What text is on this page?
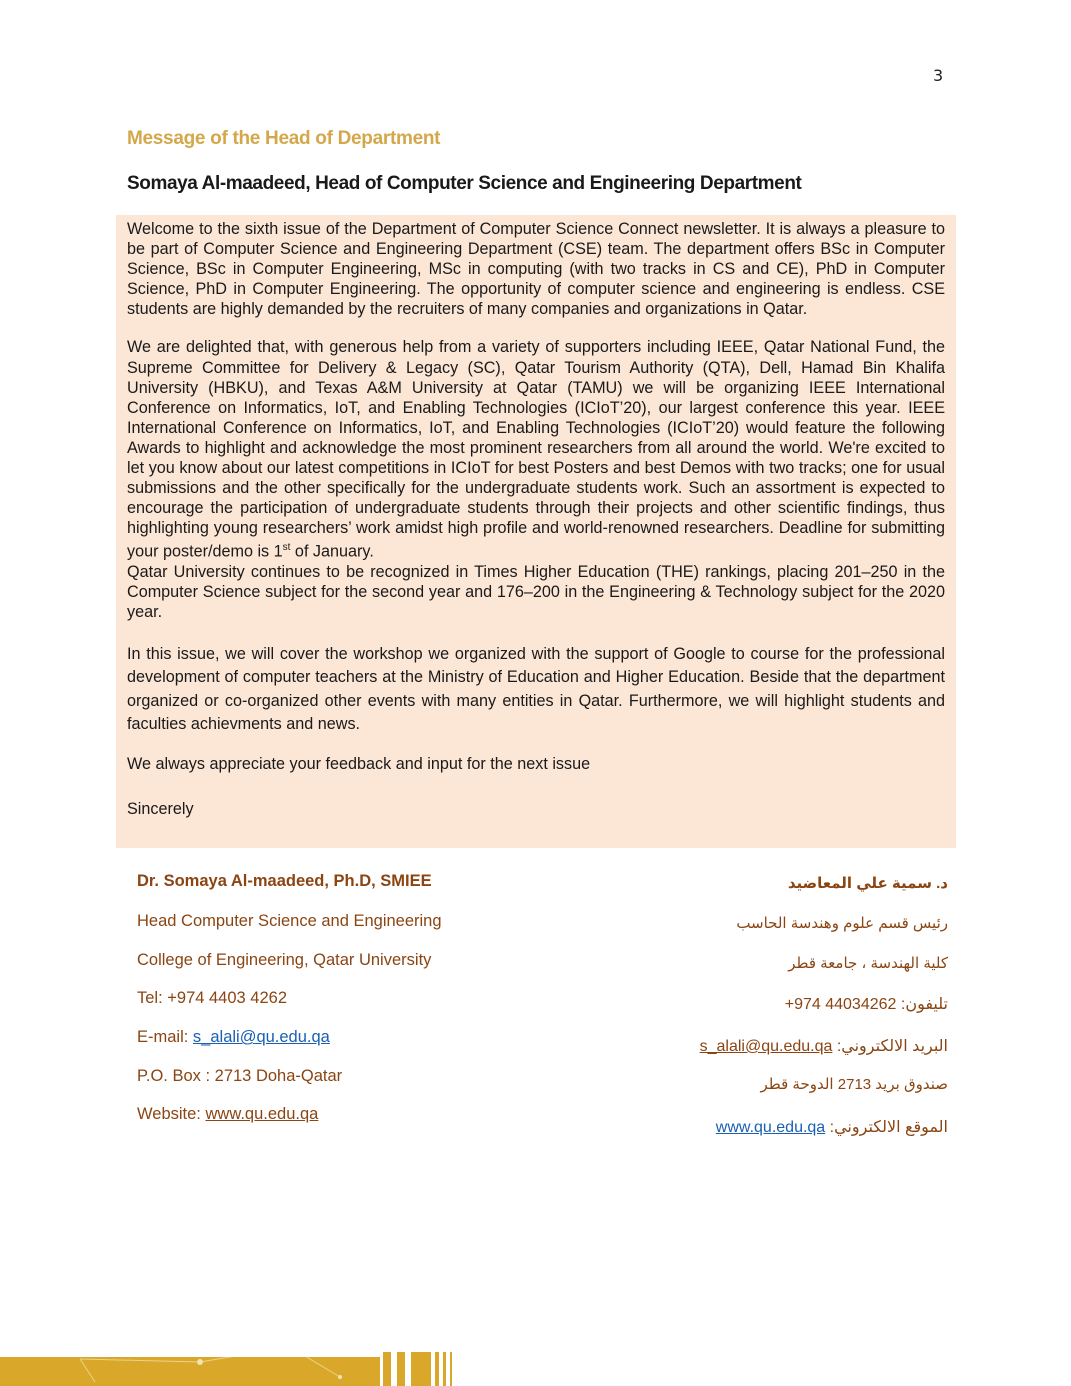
3
Message of the Head of Department
Somaya Al-maadeed, Head of Computer Science and Engineering Department

Welcome to the sixth issue of the Department of Computer Science Connect newsletter. It is always a pleasure to be part of Computer Science and Engineering Department (CSE) team. The department offers BSc in Computer Science, BSc in Computer Engineering, MSc in computing (with two tracks in CS and CE), PhD in Computer Science, PhD in Computer Engineering. The opportunity of computer science and engineering is endless. CSE students are highly demanded by the recruiters of many companies and organizations in Qatar.

We are delighted that, with generous help from a variety of supporters including IEEE, Qatar National Fund, the Supreme Committee for Delivery & Legacy (SC), Qatar Tourism Authority (QTA), Dell, Hamad Bin Khalifa University (HBKU), and Texas A&M University at Qatar (TAMU) we will be organizing IEEE International Conference on Informatics, IoT, and Enabling Technologies (ICIoT’20), our largest conference this year. IEEE International Conference on Informatics, IoT, and Enabling Technologies (ICIoT’20) would feature the following Awards to highlight and acknowledge the most prominent researchers from all around the world. We're excited to let you know about our latest competitions in ICIoT for best Posters and best Demos with two tracks; one for usual submissions and the other specifically for the undergraduate students work. Such an assortment is expected to encourage the participation of undergraduate students through their projects and other scientific findings, thus highlighting young researchers’ work amidst high profile and world-renowned researchers. Deadline for submitting your poster/demo is 1st of January.

Qatar University continues to be recognized in Times Higher Education (THE) rankings, placing 201–250 in the Computer Science subject for the second year and 176–200 in the Engineering & Technology subject for the 2020 year.

In this issue, we will cover the workshop we organized with the support of Google to course for the professional development of computer teachers at the Ministry of Education and Higher Education. Beside that the department organized or co-organized other events with many entities in Qatar. Furthermore, we will highlight students and faculties achievments and news.

We always appreciate your feedback and input for the next issue

Sincerely

Dr. Somaya Al-maadeed, Ph.D, SMIEE
Head Computer Science and Engineering
College of Engineering, Qatar University
Tel: +974 4403 4262
E-mail: s_alali@qu.edu.qa
P.O. Box : 2713 Doha-Qatar
Website: www.qu.edu.qa
د. سمية علي المعاضيد
رئيس قسم علوم وهندسة الحاسب
كلية الهندسة ، جامعة قطر
تليفون: +974 44034262
البريد الالكتروني: s_alali@qu.edu.qa
صندوق بريد 2713 الدوحة قطر
الموقع الالكتروني: www.qu.edu.qa
